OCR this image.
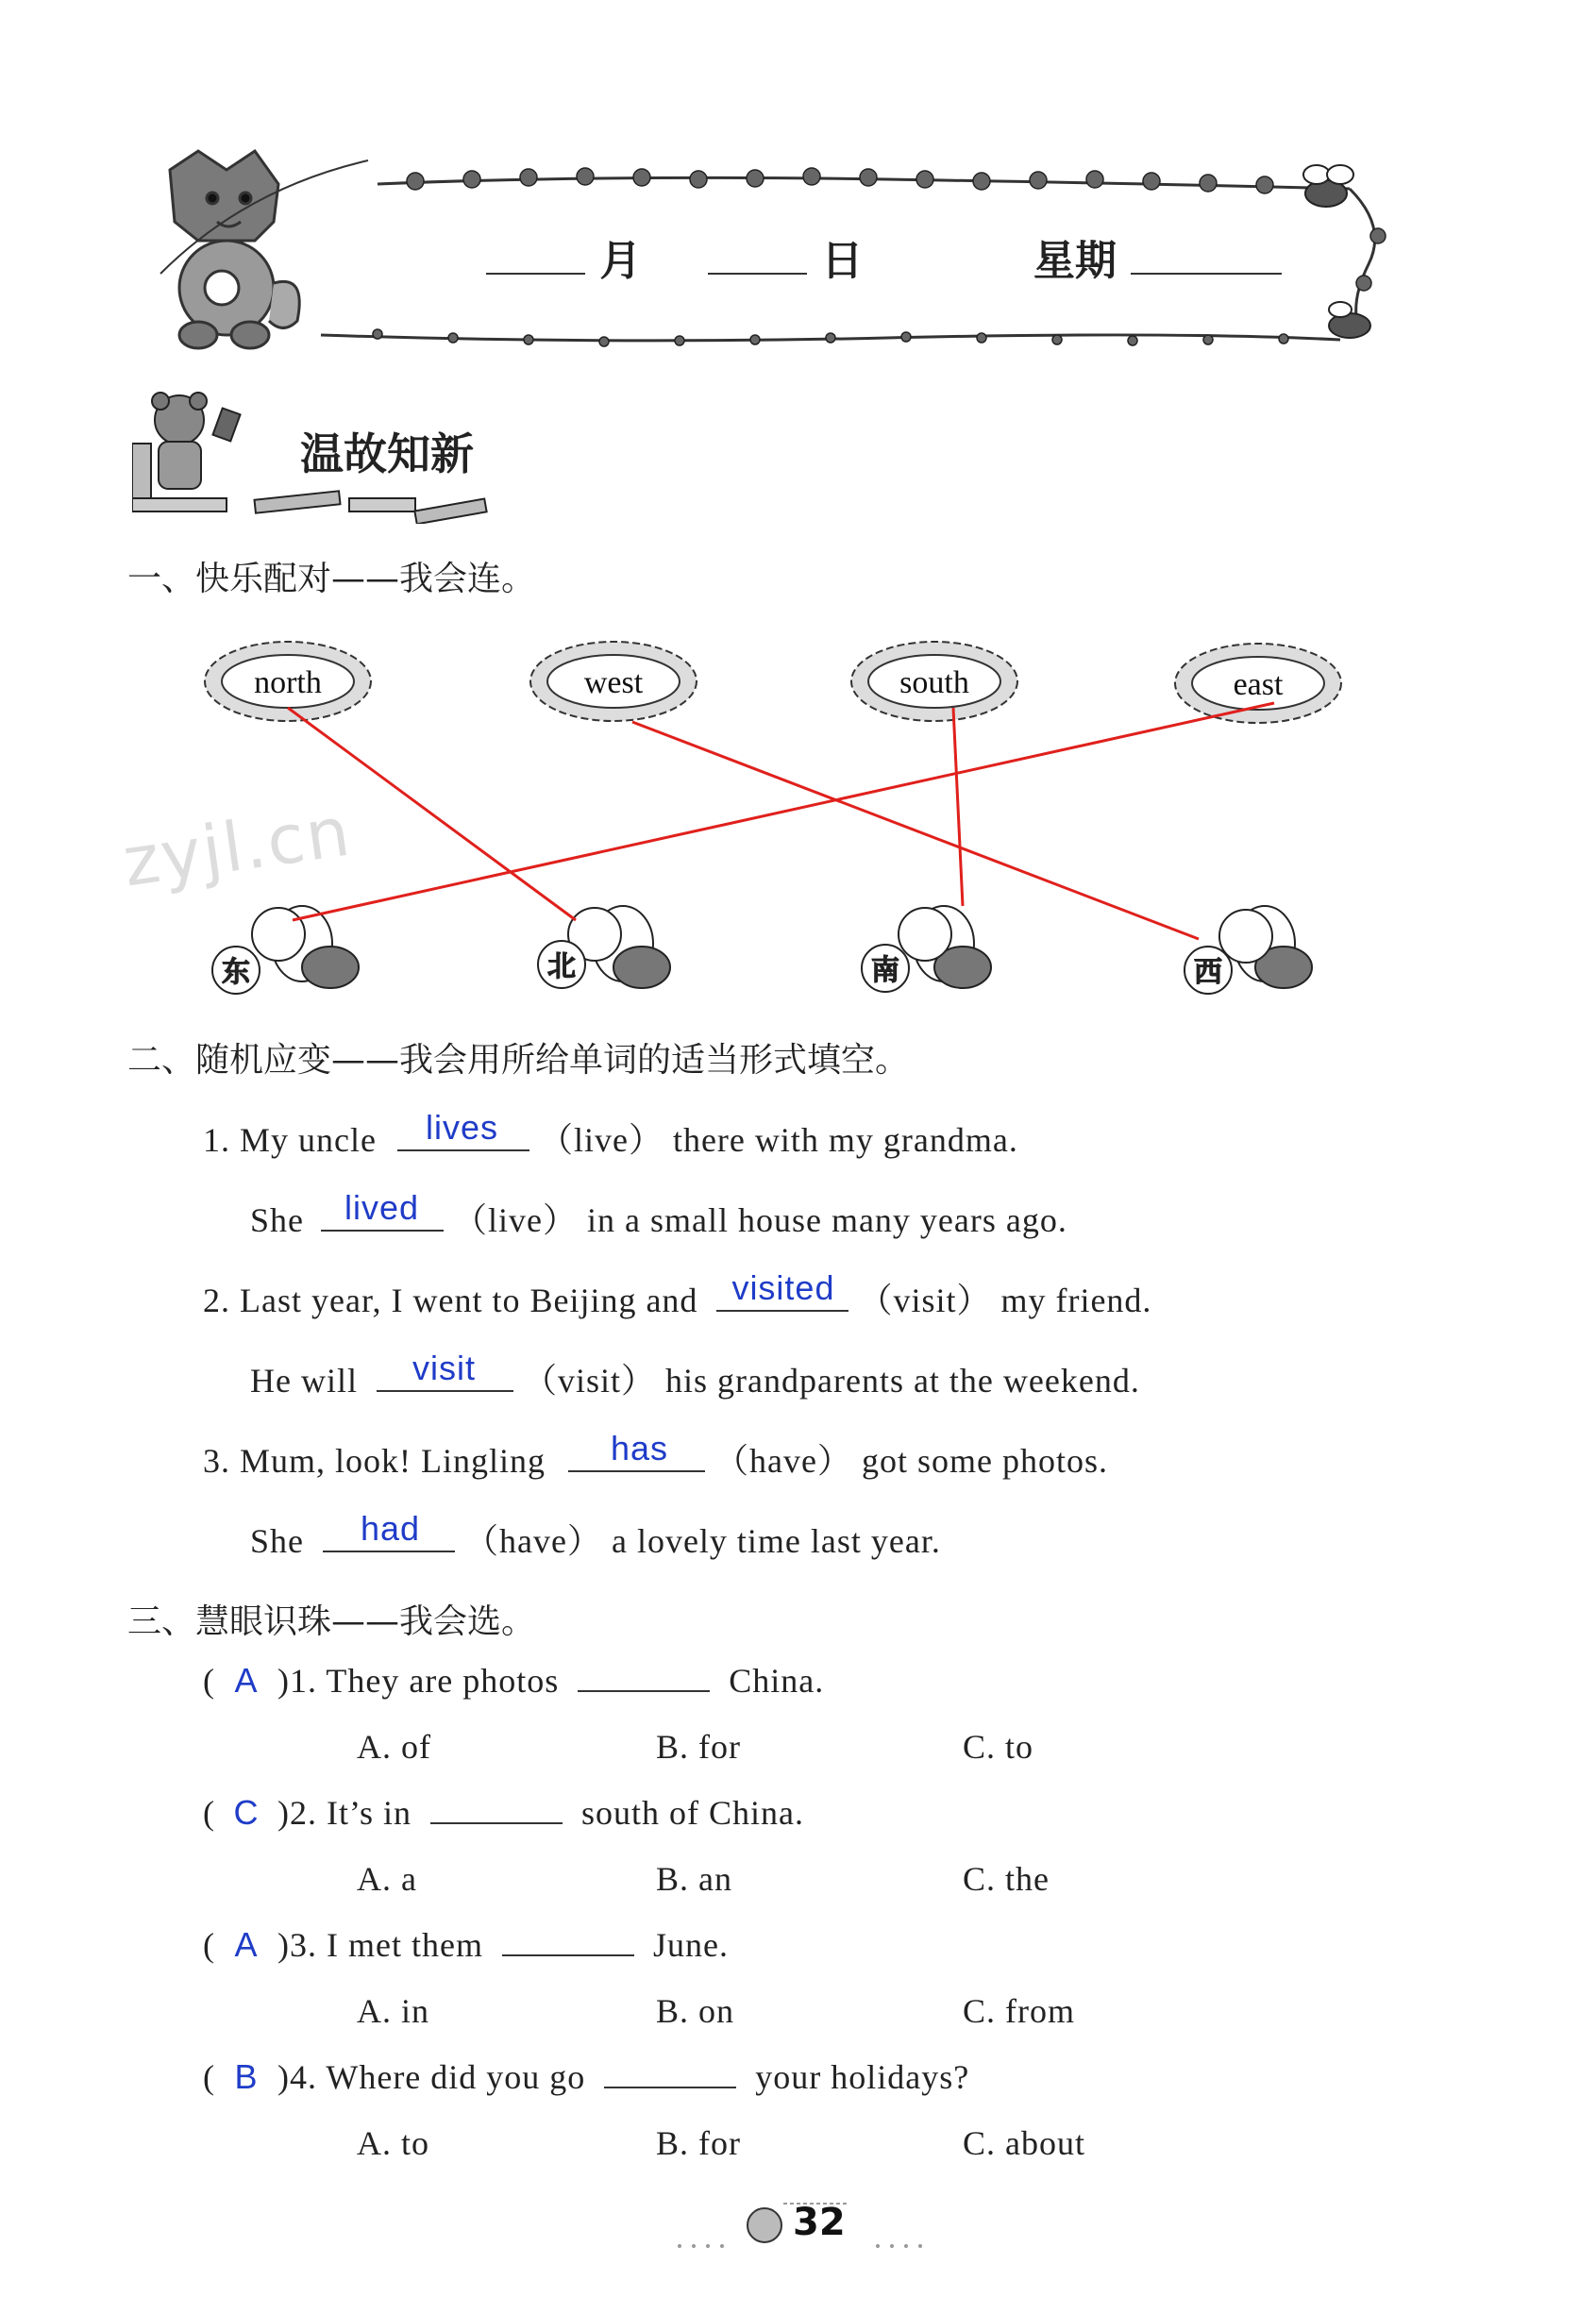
月	日	星期
温故知新
zyjl.cn
一、快乐配对——我会连。
north	west	south	east
东	北	南	西
二、随机应变——我会用所给单词的适当形式填空。
1. My uncle lives （live） there with my grandma.
She lived （live） in a small house many years ago.
2. Last year, I went to Beijing and visited （visit） my friend.
He will visit （visit） his grandparents at the weekend.
3. Mum, look! Lingling has （have） got some photos.
She had （have） a lovely time last year.
三、慧眼识珠——我会选。
( A )1. They are photos	China.
A. of	B. for	C. to
( C )2. It’s in	south of China.
A. a	B. an	C. the
( A )3. I met them	June.
A. in	B. on	C. from
( B )4. Where did you go	your holidays?
A. to	B. for	C. about
32
